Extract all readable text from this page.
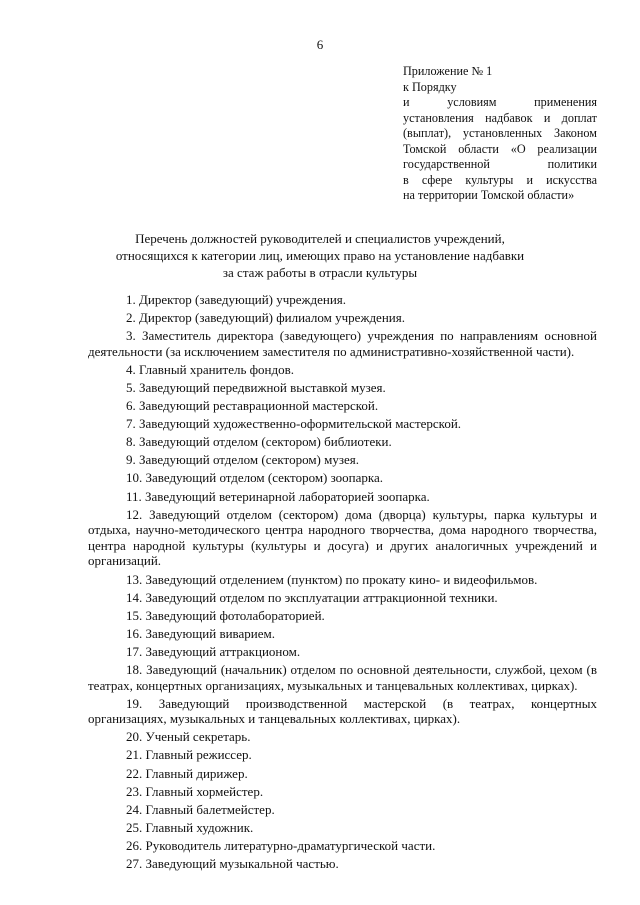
6
Приложение № 1
к Порядку
и условиям применения
установления надбавок и доплат
(выплат), установленных Законом
Томской области «О реализации
государственной политики
в сфере культуры и искусства
на территории Томской области»
Перечень должностей руководителей и специалистов учреждений,
относящихся к категории лиц, имеющих право на установление надбавки
за стаж работы в отрасли культуры
1. Директор (заведующий) учреждения.
2. Директор (заведующий) филиалом учреждения.
3. Заместитель директора (заведующего) учреждения по направлениям основной деятельности (за исключением заместителя по административно-хозяйственной части).
4. Главный хранитель фондов.
5. Заведующий передвижной выставкой музея.
6. Заведующий реставрационной мастерской.
7. Заведующий художественно-оформительской мастерской.
8. Заведующий отделом (сектором) библиотеки.
9. Заведующий отделом (сектором) музея.
10. Заведующий отделом (сектором) зоопарка.
11. Заведующий ветеринарной лабораторией зоопарка.
12. Заведующий отделом (сектором) дома (дворца) культуры, парка культуры и отдыха, научно-методического центра народного творчества, дома народного творчества, центра народной культуры (культуры и досуга) и других аналогичных учреждений и организаций.
13. Заведующий отделением (пунктом) по прокату кино- и видеофильмов.
14. Заведующий отделом по эксплуатации аттракционной техники.
15. Заведующий фотолабораторией.
16. Заведующий виварием.
17. Заведующий аттракционом.
18. Заведующий (начальник) отделом по основной деятельности, службой, цехом (в театрах, концертных организациях, музыкальных и танцевальных коллективах, цирках).
19. Заведующий производственной мастерской (в театрах, концертных организациях, музыкальных и танцевальных коллективах, цирках).
20. Ученый секретарь.
21. Главный режиссер.
22. Главный дирижер.
23. Главный хормейстер.
24. Главный балетмейстер.
25. Главный художник.
26. Руководитель литературно-драматургической части.
27. Заведующий музыкальной частью.
